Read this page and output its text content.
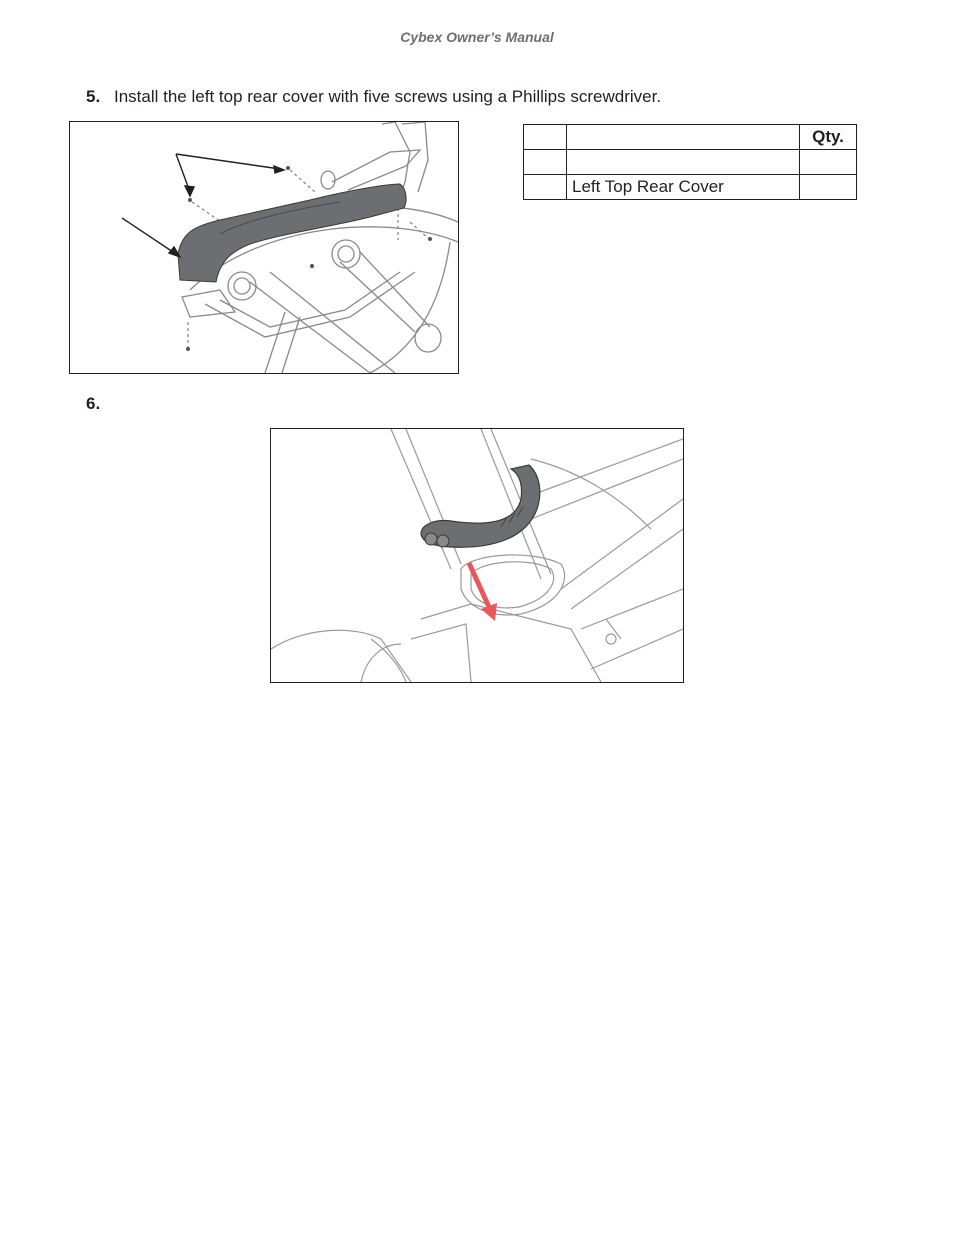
Cybex Owner’s Manual
5. Install the left top rear cover with five screws using a Phillips screwdriver.
		Qty.

	Left Top Rear Cover	
6.
